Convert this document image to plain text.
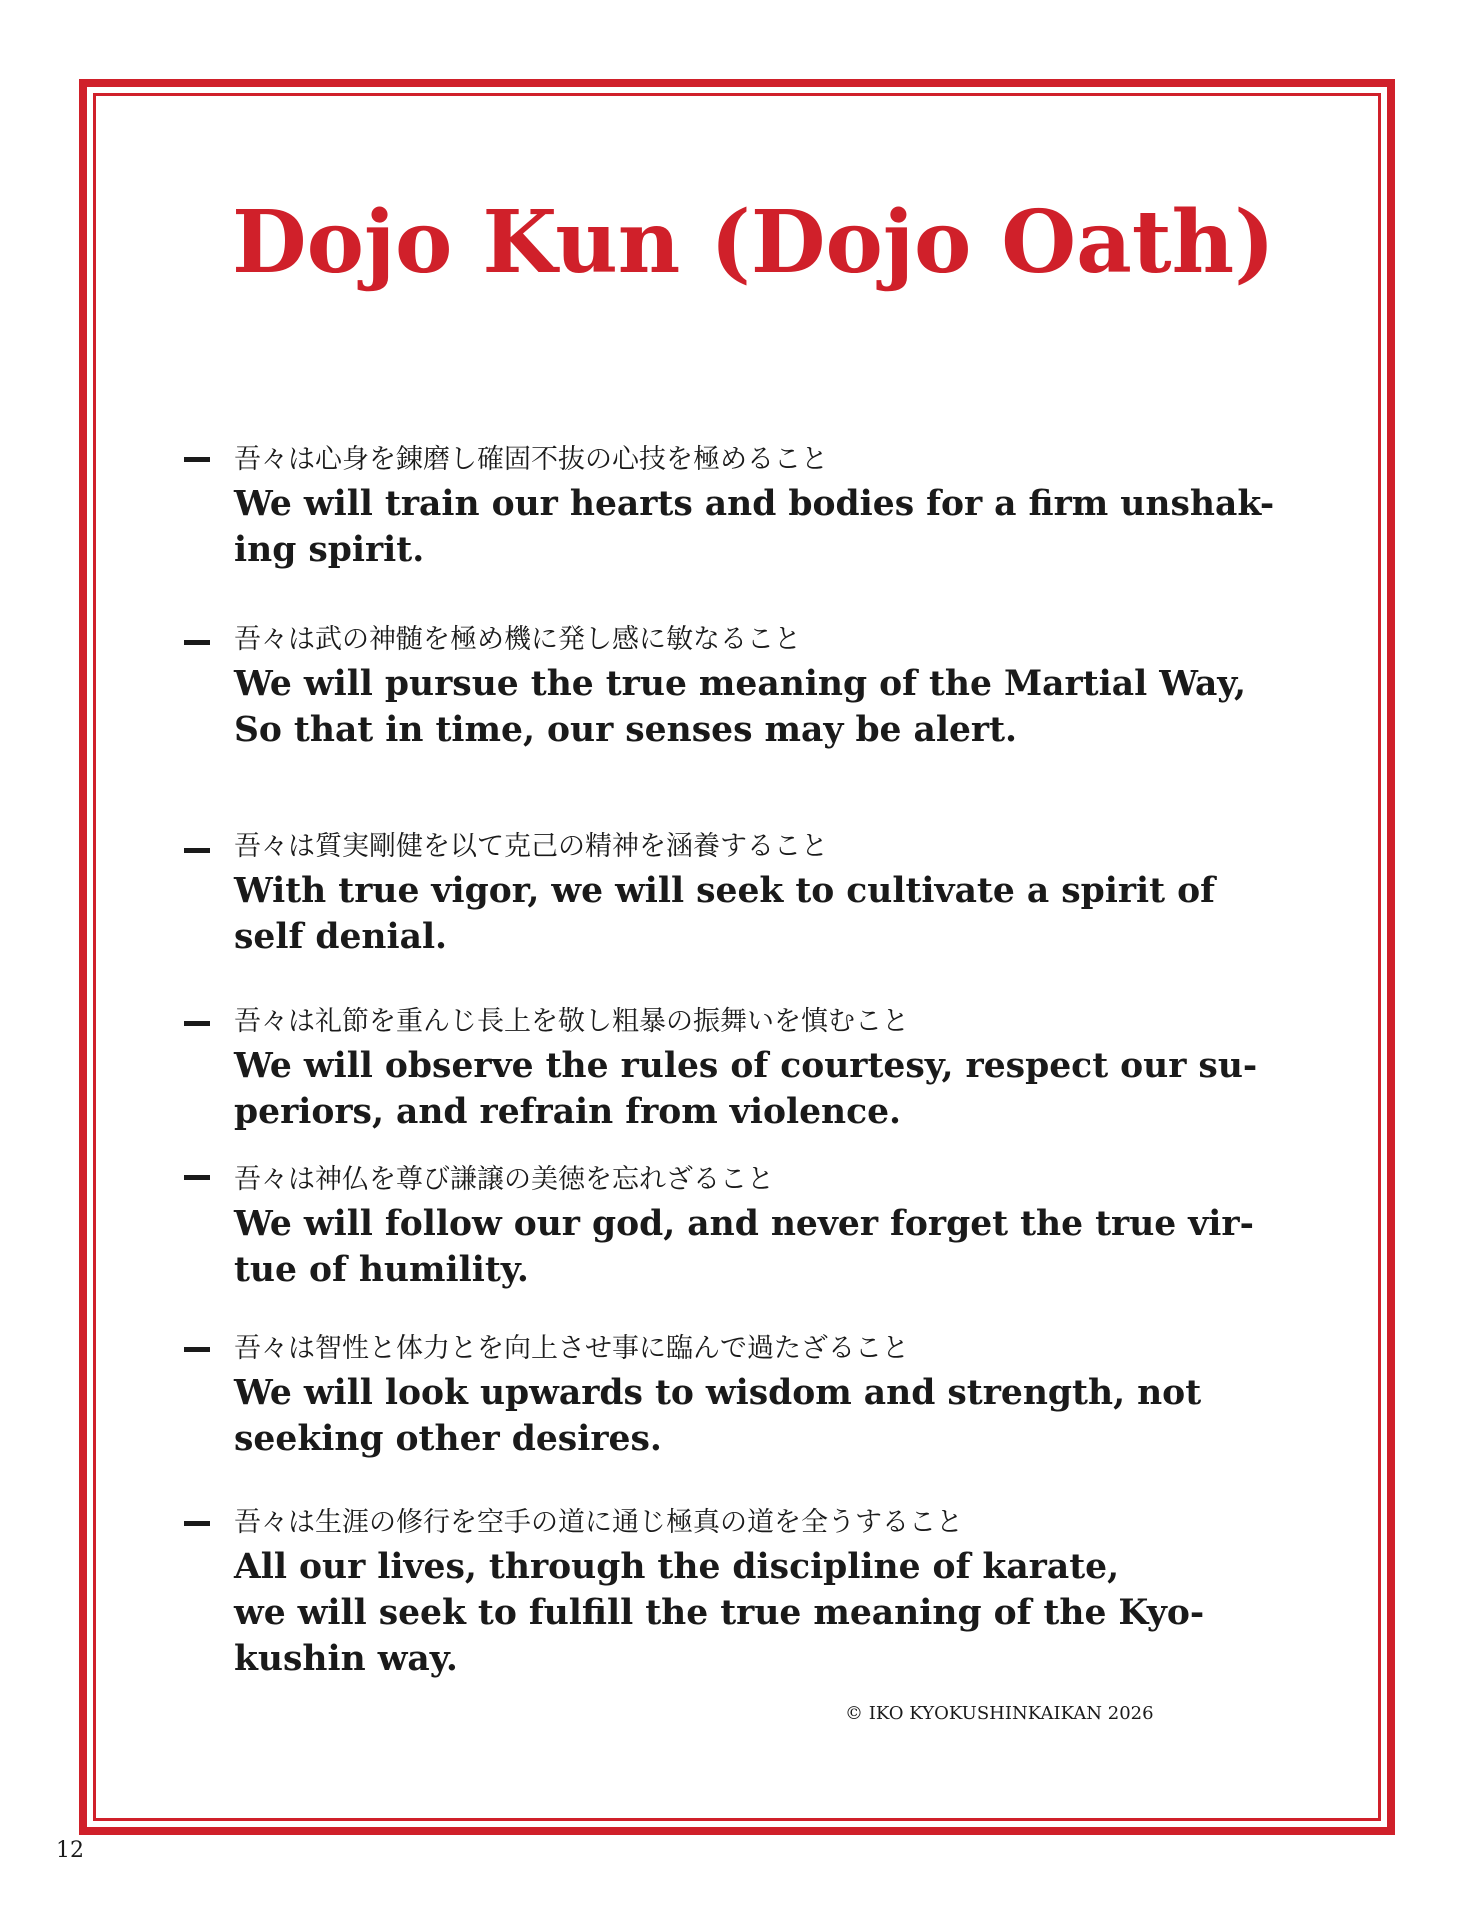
Dojo Kun (Dojo Oath)
吾々は心身を錬磨し確固不抜の心技を極めること
We will train our hearts and bodies for a firm unshak-
ing spirit.
吾々は武の神髄を極め機に発し感に敏なること
We will pursue the true meaning of the Martial Way,
So that in time, our senses may be alert.
吾々は質実剛健を以て克己の精神を涵養すること
With true vigor, we will seek to cultivate a spirit of
self denial.
吾々は礼節を重んじ長上を敬し粗暴の振舞いを慎むこと
We will observe the rules of courtesy, respect our su-
periors, and refrain from violence.
吾々は神仏を尊び謙譲の美徳を忘れざること
We will follow our god, and never forget the true vir-
tue of humility.
吾々は智性と体力とを向上させ事に臨んで過たざること
We will look upwards to wisdom and strength, not
seeking other desires.
吾々は生涯の修行を空手の道に通じ極真の道を全うすること
All our lives, through the discipline of karate,
we will seek to fulfill the true meaning of the Kyo-
kushin way.
© IKO KYOKUSHINKAIKAN 2026
12
